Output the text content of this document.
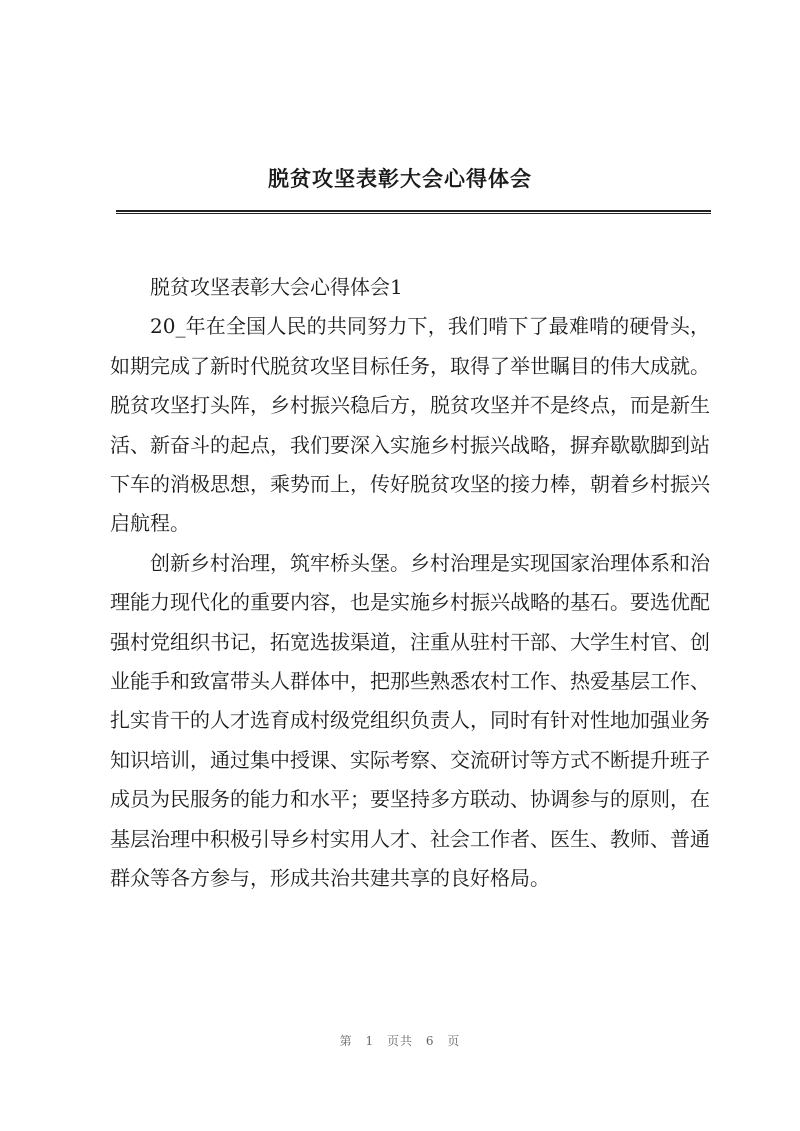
脱贫攻坚表彰大会心得体会

脱贫攻坚表彰大会心得体会1

20_年在全国人民的共同努力下，我们啃下了最难啃的硬骨头，如期完成了新时代脱贫攻坚目标任务，取得了举世瞩目的伟大成就。脱贫攻坚打头阵，乡村振兴稳后方，脱贫攻坚并不是终点，而是新生活、新奋斗的起点，我们要深入实施乡村振兴战略，摒弃歇歇脚到站下车的消极思想，乘势而上，传好脱贫攻坚的接力棒，朝着乡村振兴启航程。

创新乡村治理，筑牢桥头堡。乡村治理是实现国家治理体系和治理能力现代化的重要内容，也是实施乡村振兴战略的基石。要选优配强村党组织书记，拓宽选拔渠道，注重从驻村干部、大学生村官、创业能手和致富带头人群体中，把那些熟悉农村工作、热爱基层工作、扎实肯干的人才选育成村级党组织负责人，同时有针对性地加强业务知识培训，通过集中授课、实际考察、交流研讨等方式不断提升班子成员为民服务的能力和水平；要坚持多方联动、协调参与的原则，在基层治理中积极引导乡村实用人才、社会工作者、医生、教师、普通群众等各方参与，形成共治共建共享的良好格局。

第 1 页共 6 页
